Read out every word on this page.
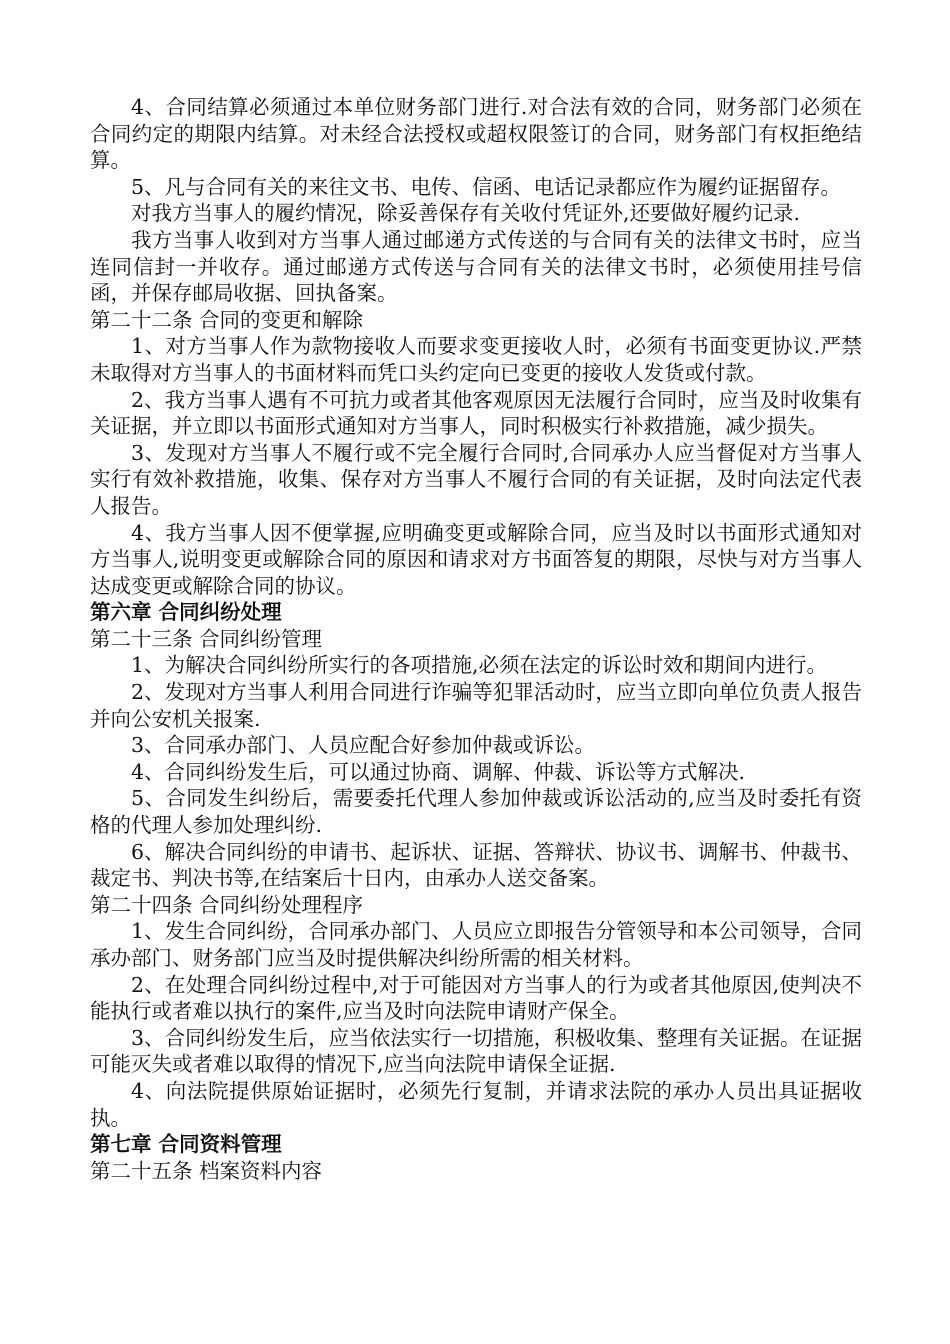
4、合同结算必须通过本单位财务部门进行.对合法有效的合同，财务部门必须在合同约定的期限内结算。对未经合法授权或超权限签订的合同，财务部门有权拒绝结算。

5、凡与合同有关的来往文书、电传、信函、电话记录都应作为履约证据留存。

对我方当事人的履约情况，除妥善保存有关收付凭证外,还要做好履约记录.

我方当事人收到对方当事人通过邮递方式传送的与合同有关的法律文书时，应当连同信封一并收存。通过邮递方式传送与合同有关的法律文书时，必须使用挂号信函，并保存邮局收据、回执备案。

第二十二条 合同的变更和解除

1、对方当事人作为款物接收人而要求变更接收人时，必须有书面变更协议.严禁未取得对方当事人的书面材料而凭口头约定向已变更的接收人发货或付款。

2、我方当事人遇有不可抗力或者其他客观原因无法履行合同时，应当及时收集有关证据，并立即以书面形式通知对方当事人，同时积极实行补救措施，减少损失。

3、发现对方当事人不履行或不完全履行合同时,合同承办人应当督促对方当事人实行有效补救措施，收集、保存对方当事人不履行合同的有关证据，及时向法定代表人报告。

4、我方当事人因不便掌握,应明确变更或解除合同，应当及时以书面形式通知对方当事人,说明变更或解除合同的原因和请求对方书面答复的期限，尽快与对方当事人达成变更或解除合同的协议。

第六章 合同纠纷处理

第二十三条 合同纠纷管理

1、为解决合同纠纷所实行的各项措施,必须在法定的诉讼时效和期间内进行。

2、发现对方当事人利用合同进行诈骗等犯罪活动时，应当立即向单位负责人报告并向公安机关报案.

3、合同承办部门、人员应配合好参加仲裁或诉讼。

4、合同纠纷发生后，可以通过协商、调解、仲裁、诉讼等方式解决.

5、合同发生纠纷后，需要委托代理人参加仲裁或诉讼活动的,应当及时委托有资格的代理人参加处理纠纷.

6、解决合同纠纷的申请书、起诉状、证据、答辩状、协议书、调解书、仲裁书、裁定书、判决书等,在结案后十日内，由承办人送交备案。

第二十四条 合同纠纷处理程序

1、发生合同纠纷，合同承办部门、人员应立即报告分管领导和本公司领导，合同承办部门、财务部门应当及时提供解决纠纷所需的相关材料。

2、在处理合同纠纷过程中,对于可能因对方当事人的行为或者其他原因,使判决不能执行或者难以执行的案件,应当及时向法院申请财产保全。

3、合同纠纷发生后，应当依法实行一切措施，积极收集、整理有关证据。在证据可能灭失或者难以取得的情况下,应当向法院申请保全证据.

4、向法院提供原始证据时，必须先行复制，并请求法院的承办人员出具证据收执。

第七章 合同资料管理

第二十五条 档案资料内容
